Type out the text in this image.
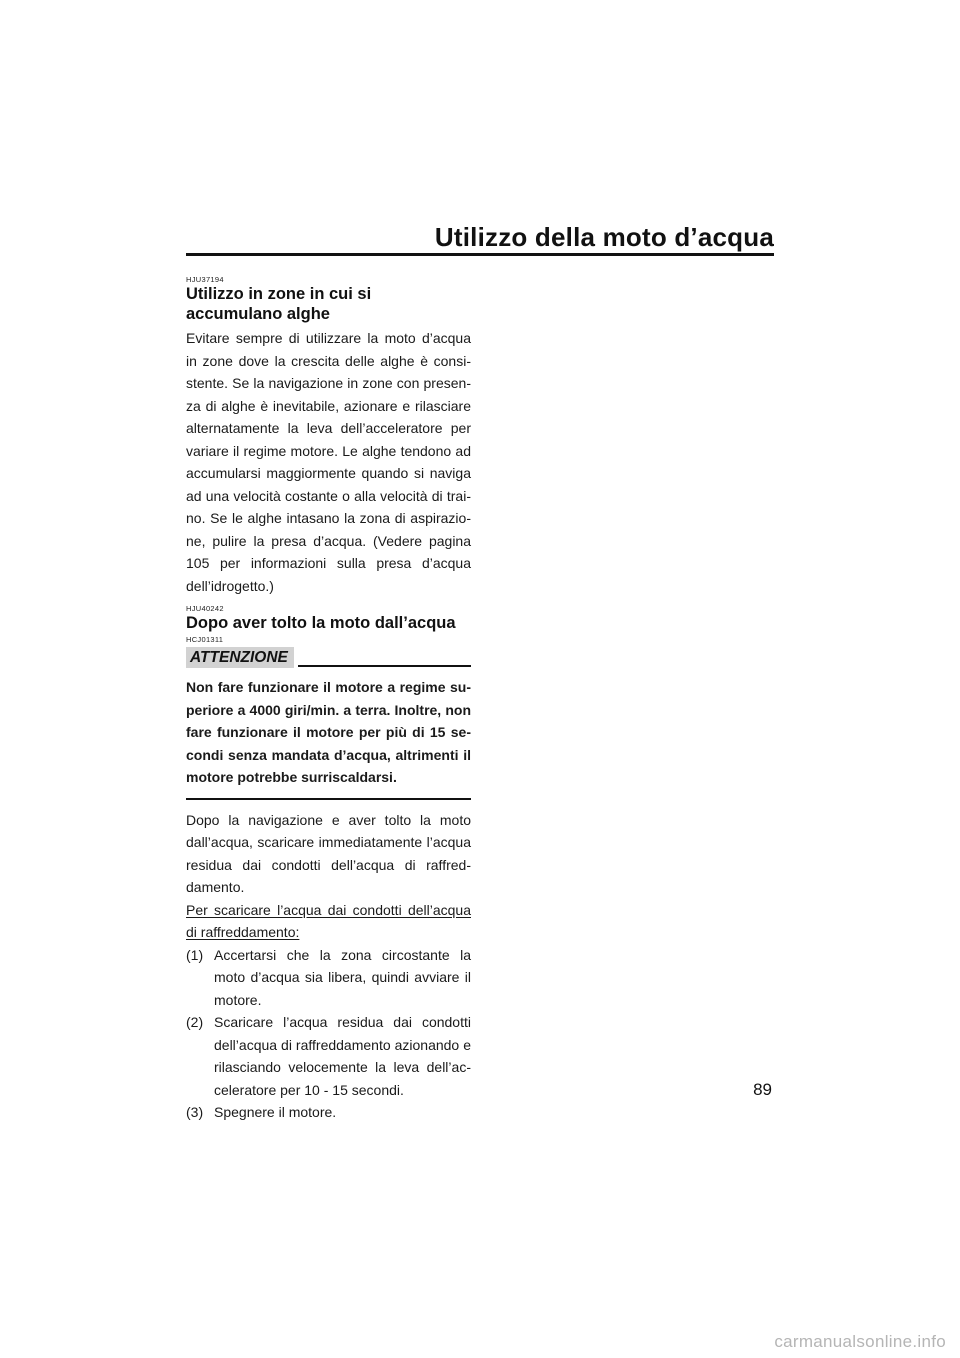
Utilizzo della moto d’acqua
HJU37194
Utilizzo in zone in cui si accumulano alghe

Evitare sempre di utilizzare la moto d’acqua in zone dove la crescita delle alghe è consistente. Se la navigazione in zone con presenza di alghe è inevitabile, azionare e rilasciare alternatamente la leva dell’acceleratore per variare il regime motore. Le alghe tendono ad accumularsi maggiormente quando si naviga ad una velocità costante o alla velocità di traino. Se le alghe intasano la zona di aspirazione, pulire la presa d’acqua. (Vedere pagina 105 per informazioni sulla presa d’acqua dell’idrogetto.)

HJU40242
Dopo aver tolto la moto dall’acqua
HCJ01311
ATTENZIONE

Non fare funzionare il motore a regime superiore a 4000 giri/min. a terra. Inoltre, non fare funzionare il motore per più di 15 secondi senza mandata d’acqua, altrimenti il motore potrebbe surriscaldarsi.

Dopo la navigazione e aver tolto la moto dall’acqua, scaricare immediatamente l’acqua residua dai condotti dell’acqua di raffreddamento.

Per scaricare l’acqua dai condotti dell’acqua di raffreddamento:

(1) Accertarsi che la zona circostante la moto d’acqua sia libera, quindi avviare il motore.
(2) Scaricare l’acqua residua dai condotti dell’acqua di raffreddamento azionando e rilasciando velocemente la leva dell’acceleratore per 10 - 15 secondi.
(3) Spegnere il motore.
89
carmanualsonline.info
